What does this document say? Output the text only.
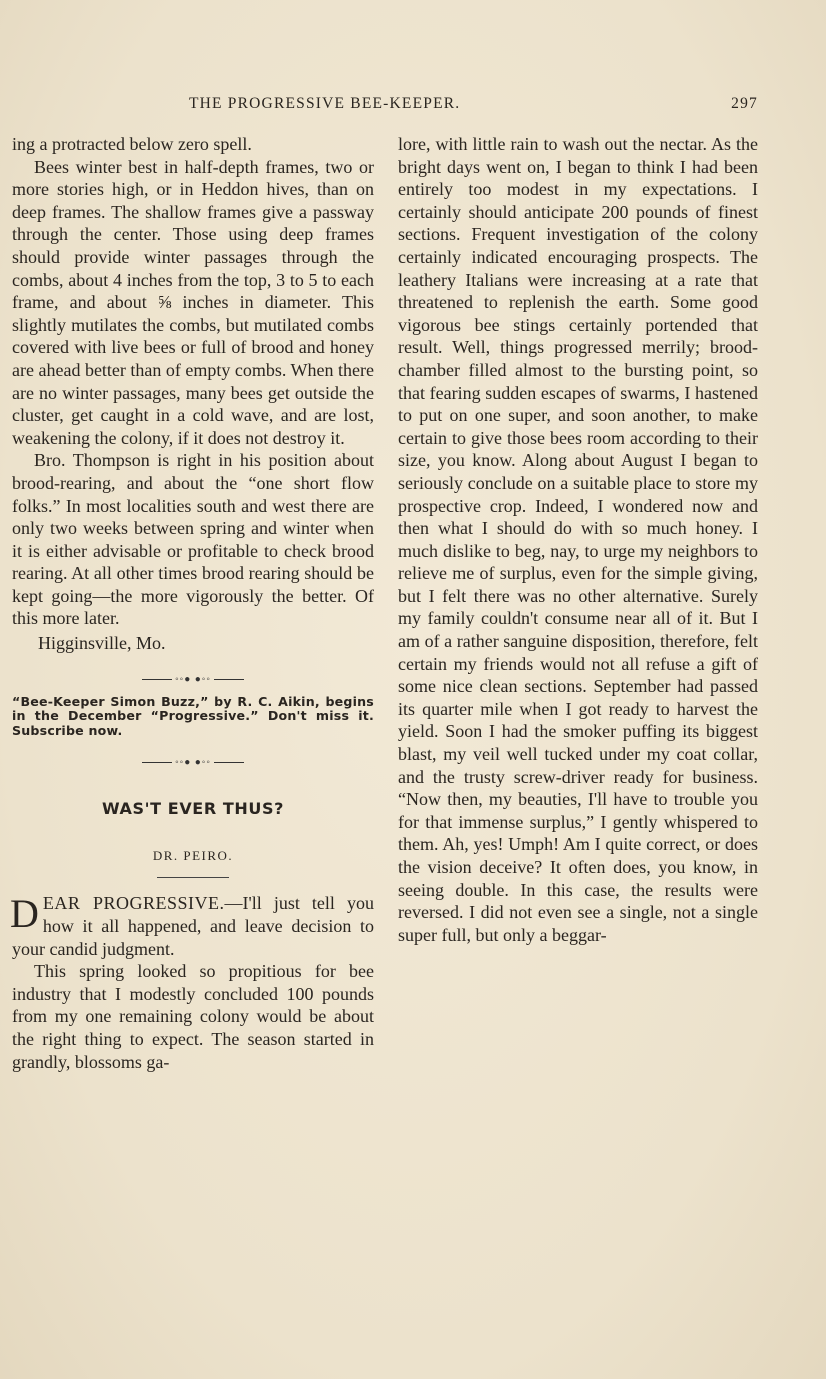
THE PROGRESSIVE BEE-KEEPER.	297

ing a protracted below zero spell.

Bees winter best in half-depth frames, two or more stories high, or in Heddon hives, than on deep frames. The shallow frames give a passway through the center. Those using deep frames should provide winter passages through the combs, about 4 inches from the top, 3 to 5 to each frame, and about ⅝ inches in diameter. This slightly mutilates the combs, but mutilated combs covered with live bees or full of brood and honey are ahead better than of empty combs. When there are no winter passages, many bees get outside the cluster, get caught in a cold wave, and are lost, weakening the colony, if it does not destroy it.

Bro. Thompson is right in his position about brood-rearing, and about the “one short flow folks.” In most localities south and west there are only two weeks between spring and winter when it is either advisable or profitable to check brood rearing. At all other times brood rearing should be kept going—the more vigorously the better. Of this more later.

Higginsville, Mo.

◦◦● ●◦◦

“Bee-Keeper Simon Buzz,” by R. C. Aikin, begins in the December “Progressive.” Don't miss it. Subscribe now.

◦◦● ●◦◦
WAS'T EVER THUS?
DR. PEIRO.

DEAR PROGRESSIVE.—I'll just tell you how it all happened, and leave decision to your candid judgment.

This spring looked so propitious for bee industry that I modestly concluded 100 pounds from my one remaining colony would be about the right thing to expect. The season started in grandly, blossoms ga-

lore, with little rain to wash out the nectar. As the bright days went on, I began to think I had been entirely too modest in my expectations. I certainly should anticipate 200 pounds of finest sections. Frequent investigation of the colony certainly indicated encouraging prospects. The leathery Italians were increasing at a rate that threatened to replenish the earth. Some good vigorous bee stings certainly portended that result. Well, things progressed merrily; brood-chamber filled almost to the bursting point, so that fearing sudden escapes of swarms, I hastened to put on one super, and soon another, to make certain to give those bees room according to their size, you know. Along about August I began to seriously conclude on a suitable place to store my prospective crop. Indeed, I wondered now and then what I should do with so much honey. I much dislike to beg, nay, to urge my neighbors to relieve me of surplus, even for the simple giving, but I felt there was no other alternative. Surely my family couldn't consume near all of it. But I am of a rather sanguine disposition, therefore, felt certain my friends would not all refuse a gift of some nice clean sections. September had passed its quarter mile when I got ready to harvest the yield. Soon I had the smoker puffing its biggest blast, my veil well tucked under my coat collar, and the trusty screw-driver ready for business. “Now then, my beauties, I'll have to trouble you for that immense surplus,” I gently whispered to them. Ah, yes! Umph! Am I quite correct, or does the vision deceive? It often does, you know, in seeing double. In this case, the results were reversed. I did not even see a single, not a single super full, but only a beggar-
